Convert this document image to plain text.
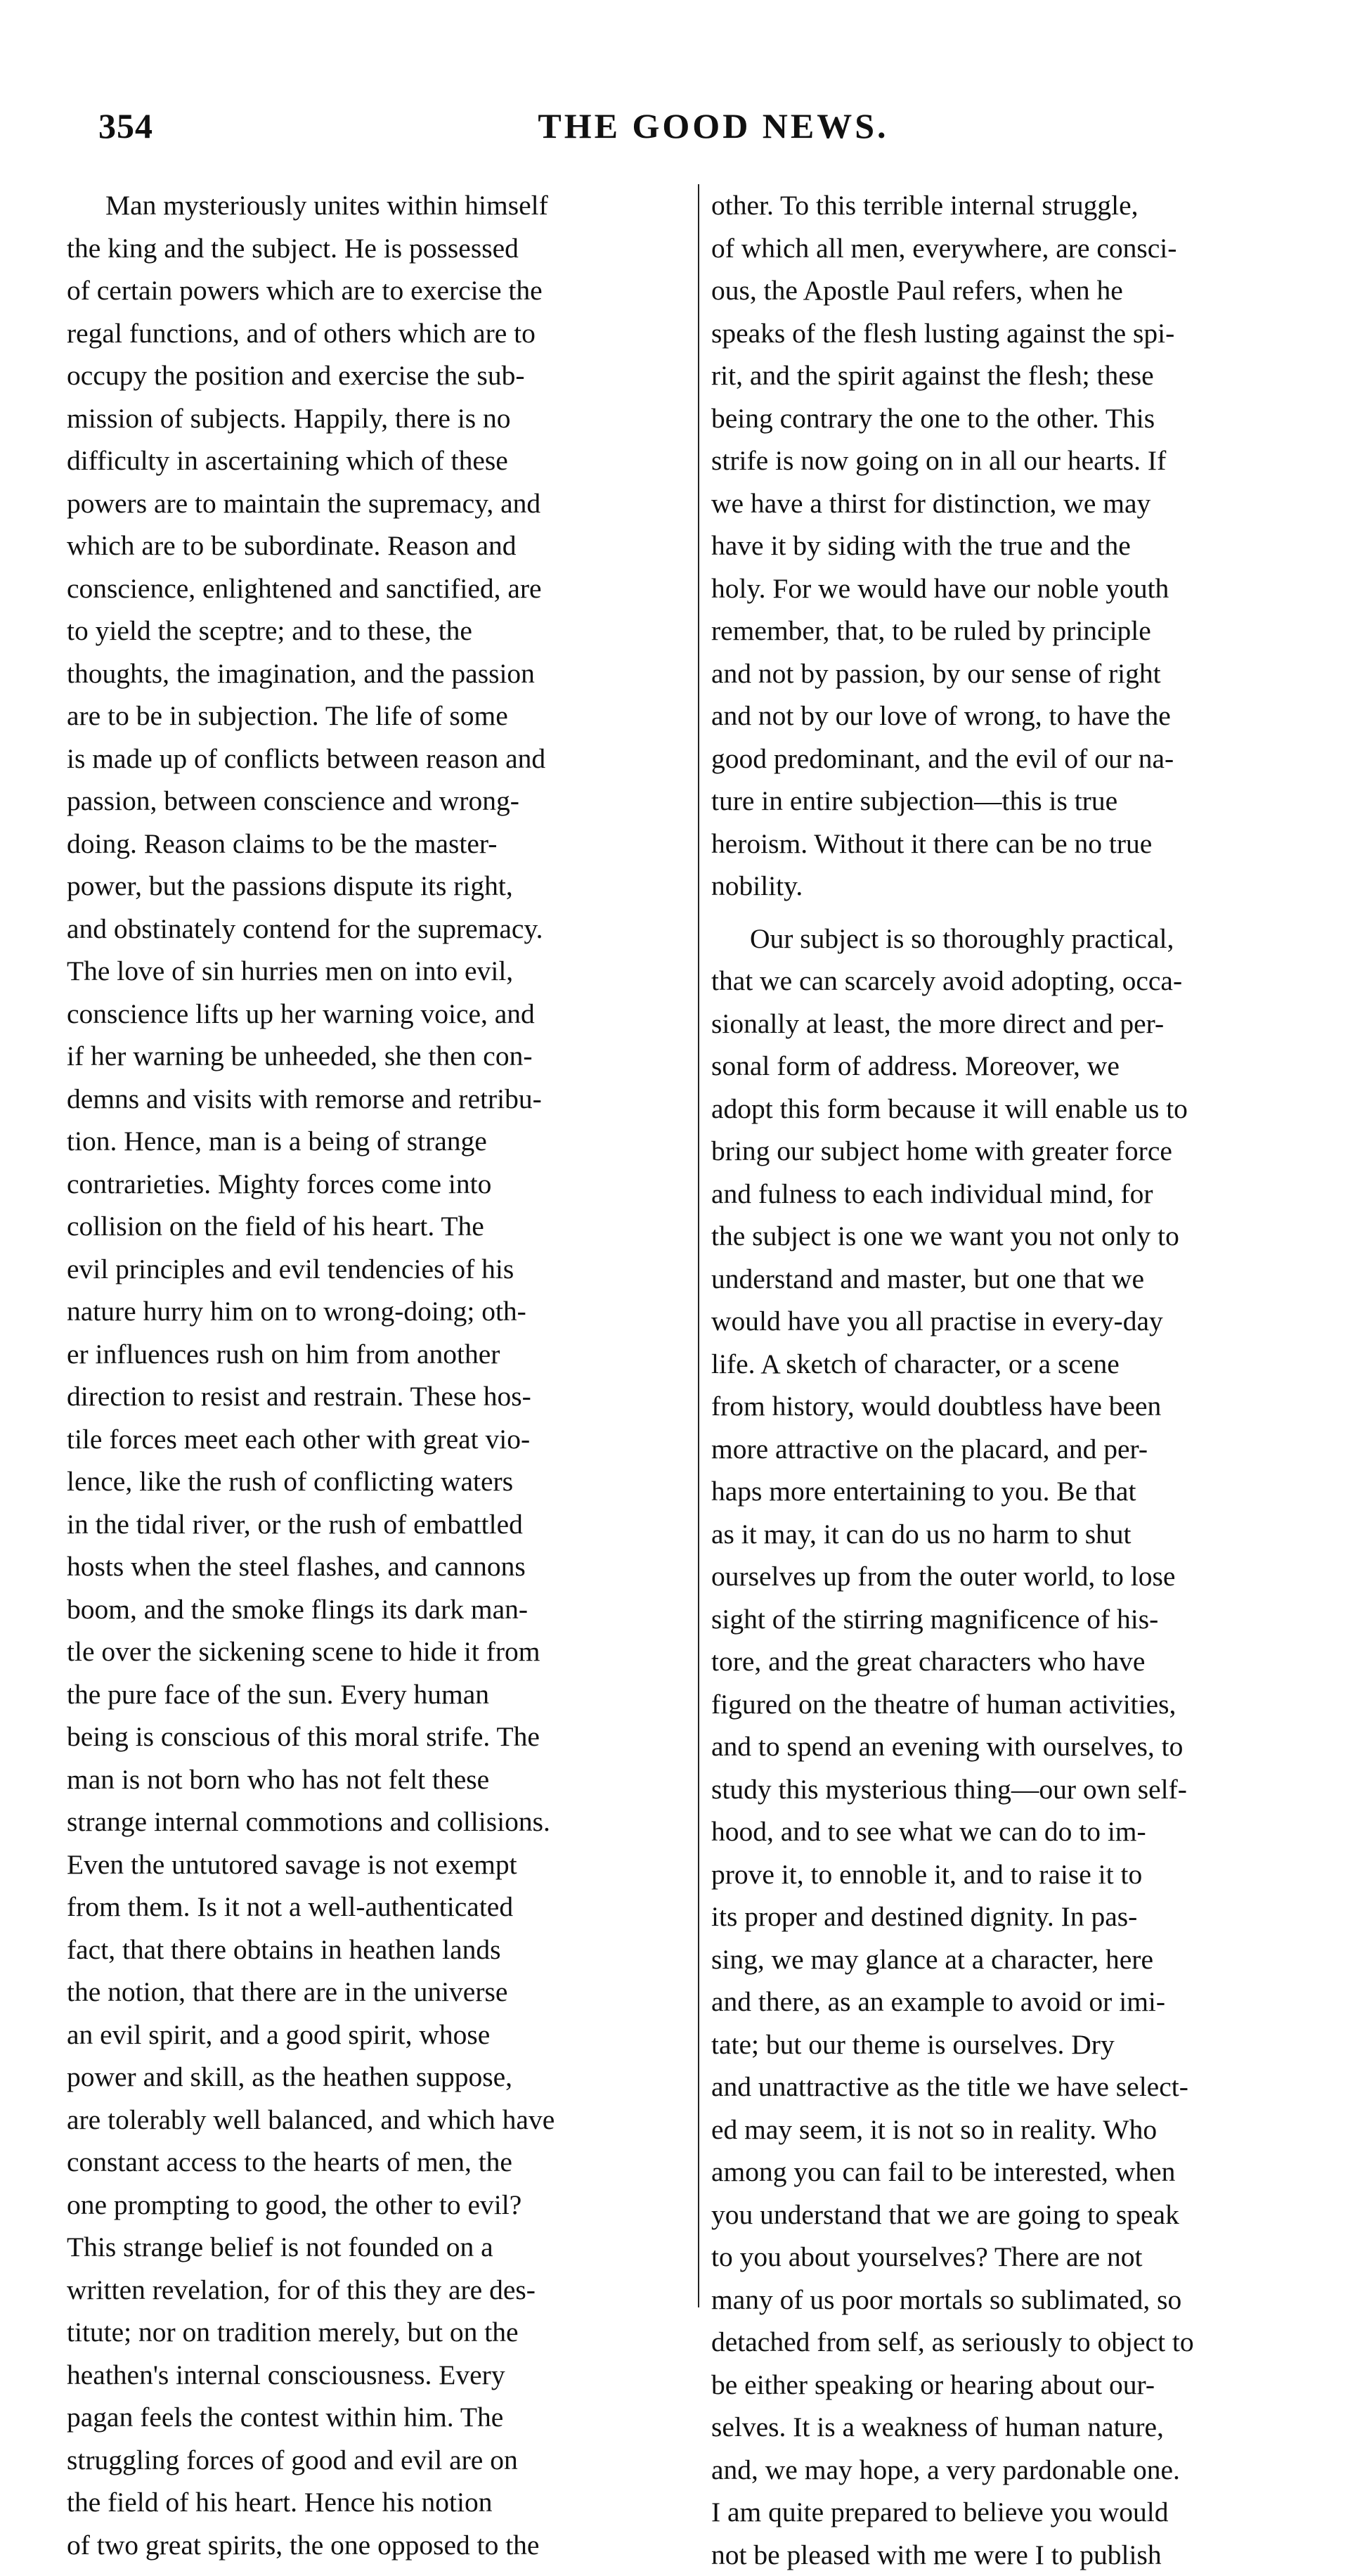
354	THE GOOD NEWS.
Man mysteriously unites within himself
the king and the subject. He is possessed
of certain powers which are to exercise the
regal functions, and of others which are to
occupy the position and exercise the sub-
mission of subjects. Happily, there is no
difficulty in ascertaining which of these
powers are to maintain the supremacy, and
which are to be subordinate. Reason and
conscience, enlightened and sanctified, are
to yield the sceptre; and to these, the
thoughts, the imagination, and the passion
are to be in subjection. The life of some
is made up of conflicts between reason and
passion, between conscience and wrong-
doing. Reason claims to be the master-
power, but the passions dispute its right,
and obstinately contend for the supremacy.
The love of sin hurries men on into evil,
conscience lifts up her warning voice, and
if her warning be unheeded, she then con-
demns and visits with remorse and retribu-
tion. Hence, man is a being of strange
contrarieties. Mighty forces come into
collision on the field of his heart. The
evil principles and evil tendencies of his
nature hurry him on to wrong-doing; oth-
er influences rush on him from another
direction to resist and restrain. These hos-
tile forces meet each other with great vio-
lence, like the rush of conflicting waters
in the tidal river, or the rush of embattled
hosts when the steel flashes, and cannons
boom, and the smoke flings its dark man-
tle over the sickening scene to hide it from
the pure face of the sun. Every human
being is conscious of this moral strife. The
man is not born who has not felt these
strange internal commotions and collisions.
Even the untutored savage is not exempt
from them. Is it not a well-authenticated
fact, that there obtains in heathen lands
the notion, that there are in the universe
an evil spirit, and a good spirit, whose
power and skill, as the heathen suppose,
are tolerably well balanced, and which have
constant access to the hearts of men, the
one prompting to good, the other to evil?
This strange belief is not founded on a
written revelation, for of this they are des-
titute; nor on tradition merely, but on the
heathen's internal consciousness. Every
pagan feels the contest within him. The
struggling forces of good and evil are on
the field of his heart. Hence his notion
of two great spirits, the one opposed to the
other. To this terrible internal struggle,
of which all men, everywhere, are consci-
ous, the Apostle Paul refers, when he
speaks of the flesh lusting against the spi-
rit, and the spirit against the flesh; these
being contrary the one to the other. This
strife is now going on in all our hearts. If
we have a thirst for distinction, we may
have it by siding with the true and the
holy. For we would have our noble youth
remember, that, to be ruled by principle
and not by passion, by our sense of right
and not by our love of wrong, to have the
good predominant, and the evil of our na-
ture in entire subjection—this is true
heroism. Without it there can be no true
nobility.
Our subject is so thoroughly practical,
that we can scarcely avoid adopting, occa-
sionally at least, the more direct and per-
sonal form of address. Moreover, we
adopt this form because it will enable us to
bring our subject home with greater force
and fulness to each individual mind, for
the subject is one we want you not only to
understand and master, but one that we
would have you all practise in every-day
life. A sketch of character, or a scene
from history, would doubtless have been
more attractive on the placard, and per-
haps more entertaining to you. Be that
as it may, it can do us no harm to shut
ourselves up from the outer world, to lose
sight of the stirring magnificence of his-
tore, and the great characters who have
figured on the theatre of human activities,
and to spend an evening with ourselves, to
study this mysterious thing—our own self-
hood, and to see what we can do to im-
prove it, to ennoble it, and to raise it to
its proper and destined dignity. In pas-
sing, we may glance at a character, here
and there, as an example to avoid or imi-
tate; but our theme is ourselves. Dry
and unattractive as the title we have select-
ed may seem, it is not so in reality. Who
among you can fail to be interested, when
you understand that we are going to speak
to you about yourselves? There are not
many of us poor mortals so sublimated, so
detached from self, as seriously to object to
be either speaking or hearing about our-
selves. It is a weakness of human nature,
and, we may hope, a very pardonable one.
I am quite prepared to believe you would
not be pleased with me were I to publish
